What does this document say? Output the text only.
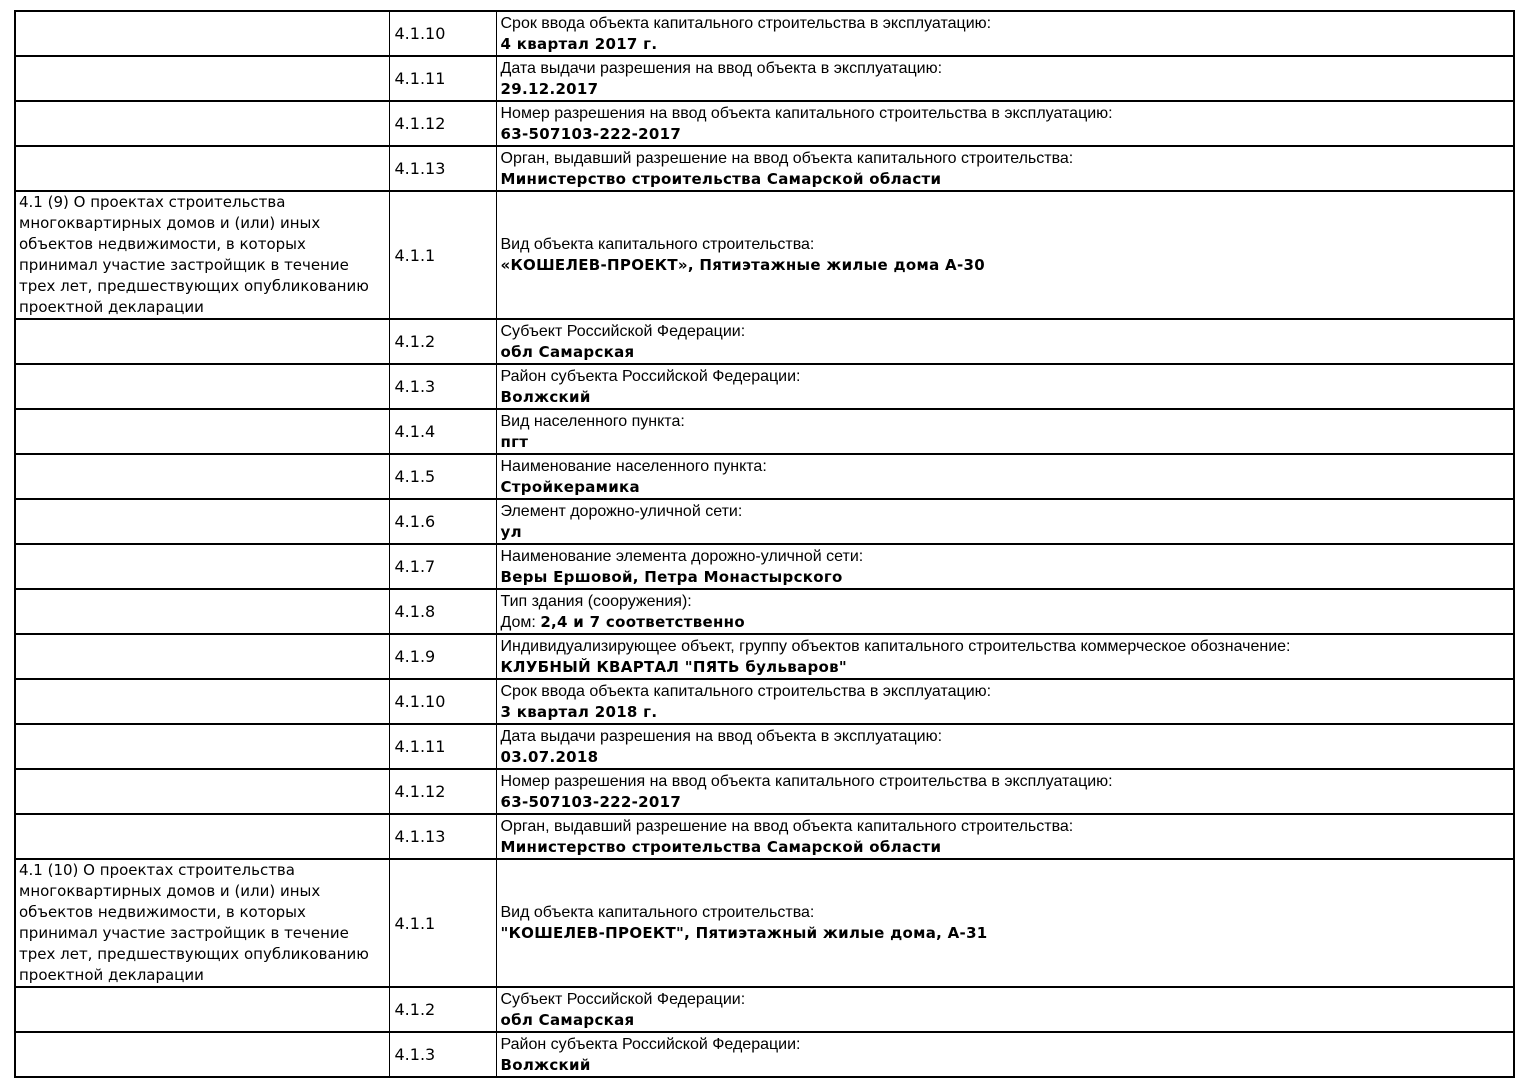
	4.1.10	Срок ввода объекта капитального строительства в эксплуатацию:
4 квартал 2017 г.

	4.1.11	Дата выдачи разрешения на ввод объекта в эксплуатацию:
29.12.2017

	4.1.12	Номер разрешения на ввод объекта капитального строительства в эксплуатацию:
63-507103-222-2017

	4.1.13	Орган, выдавший разрешение на ввод объекта капитального строительства:
Министерство строительства Самарской области

4.1 (9) О проектах строительства многоквартирных домов и (или) иных объектов недвижимости, в которых принимал участие застройщик в течение трех лет, предшествующих опубликованию проектной декларации	4.1.1	Вид объекта капитального строительства:
«КОШЕЛЕВ-ПРОЕКТ», Пятиэтажные жилые дома А-30

	4.1.2	Субъект Российской Федерации:
обл Самарская

	4.1.3	Район субъекта Российской Федерации:
Волжский

	4.1.4	Вид населенного пункта:
пгт

	4.1.5	Наименование населенного пункта:
Стройкерамика

	4.1.6	Элемент дорожно-уличной сети:
ул

	4.1.7	Наименование элемента дорожно-уличной сети:
Веры Ершовой, Петра Монастырского

	4.1.8	Тип здания (сооружения):
Дом: 2,4 и 7 соответственно

	4.1.9	Индивидуализирующее объект, группу объектов капитального строительства коммерческое обозначение:
КЛУБНЫЙ КВАРТАЛ "ПЯТЬ бульваров"

	4.1.10	Срок ввода объекта капитального строительства в эксплуатацию:
3 квартал 2018 г.

	4.1.11	Дата выдачи разрешения на ввод объекта в эксплуатацию:
03.07.2018

	4.1.12	Номер разрешения на ввод объекта капитального строительства в эксплуатацию:
63-507103-222-2017

	4.1.13	Орган, выдавший разрешение на ввод объекта капитального строительства:
Министерство строительства Самарской области

4.1 (10) О проектах строительства многоквартирных домов и (или) иных объектов недвижимости, в которых принимал участие застройщик в течение трех лет, предшествующих опубликованию проектной декларации	4.1.1	Вид объекта капитального строительства:
"КОШЕЛЕВ-ПРОЕКТ", Пятиэтажный жилые дома, А-31

	4.1.2	Субъект Российской Федерации:
обл Самарская

	4.1.3	Район субъекта Российской Федерации:
Волжский
